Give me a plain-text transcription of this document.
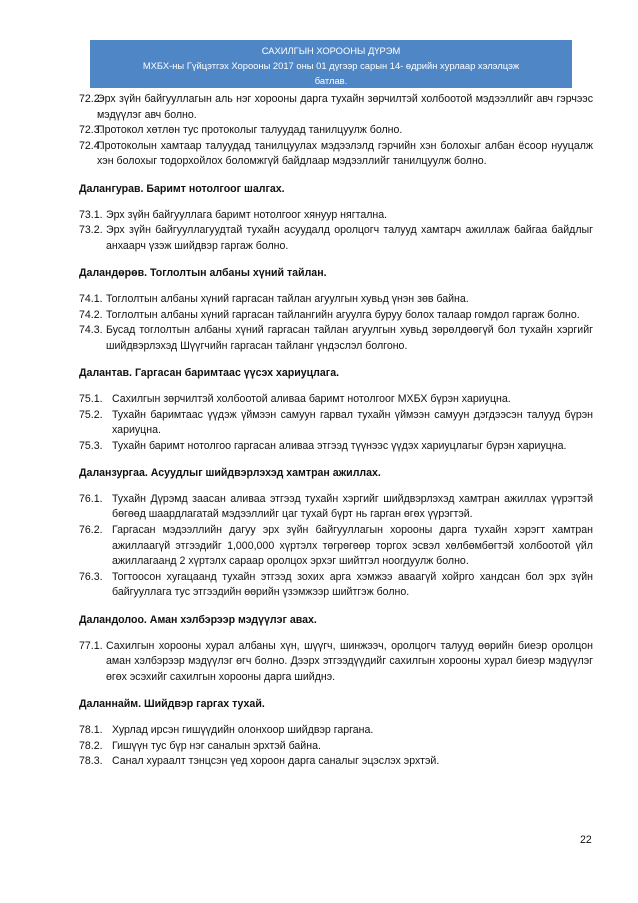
САХИЛГЫН ХОРООНЫ ДҮРЭМ
МХБХ-ны Гүйцэтгэх Хорооны 2017 оны 01 дүгээр сарын 14- өдрийн хурлаар хэлэлцэж
батлав.
72.2.
Эрх зүйн байгууллагын аль нэг хорооны дарга тухайн зөрчилтэй холбоотой мэдээллийг авч гэрчээс мэдүүлэг авч болно.
72.3.
Протокол хөтлөн тус протоколыг талуудад танилцуулж болно.
72.4.
Протоколын хамтаар талуудад танилцуулах мэдээлэлд гэрчийн хэн болохыг албан ёсоор нууцалж хэн болохыг тодорхойлох боломжгүй байдлаар мэдээллийг танилцуулж болно.
Далангурав. Баримт нотолгоог шалгах.
73.1. Эрх зүйн байгууллага баримт нотолгоог хянуур нягтална.
73.2. Эрх зүйн байгууллагуудтай тухайн асуудалд оролцогч талууд хамтарч ажиллаж байгаа байдлыг анхаарч үзэж шийдвэр гаргаж болно.
Даландөрөв. Тоглолтын албаны хүний тайлан.
74.1. Тоглолтын албаны хүний гаргасан тайлан агуулгын хувьд үнэн зөв байна.
74.2. Тоглолтын албаны хүний гаргасан тайлангийн агуулга буруу болох талаар гомдол гаргаж болно.
74.3. Бусад тоглолтын албаны хүний гаргасан тайлан агуулгын хувьд зөрөлдөөгүй бол тухайн хэргийг шийдвэрлэхэд Шүүгчийн гаргасан тайланг үндэслэл болгоно.
Далантав. Гаргасан баримтаас үүсэх хариуцлага.
75.1. Сахилгын зөрчилтэй холбоотой аливаа баримт нотолгоог МХБХ бүрэн хариуцна.
75.2. Тухайн баримтаас үүдэж үймээн самуун гарвал тухайн үймээн самуун дэгдээсэн талууд бүрэн хариуцна.
75.3. Тухайн баримт нотолгоо гаргасан аливаа этгээд түүнээс үүдэх хариуцлагыг бүрэн хариуцна.
Даланзургаа. Асуудлыг шийдвэрлэхэд хамтран ажиллах.
76.1. Тухайн Дүрэмд заасан аливаа этгээд тухайн хэргийг шийдвэрлэхэд хамтран ажиллах үүрэгтэй бөгөөд шаардлагатай мэдээллийг цаг тухай бүрт нь гарган өгөх үүрэгтэй.
76.2. Гаргасан мэдээллийн дагуу эрх зүйн байгууллагын хорооны дарга тухайн хэрэгт хамтран ажиллаагүй этгээдийг 1,000,000 хүртэлх төгрөгөөр торгох эсвэл хөлбөмбөгтэй холбоотой үйл ажиллагаанд 2 хүртэлх сараар оролцох эрхэг шийтгэл ноогдуулж болно.
76.3. Тогтоосон хугацаанд тухайн этгээд зохих арга хэмжээ аваагүй хойрго хандсан бол эрх зүйн байгууллага тус этгээдийн өөрийн үзэмжээр шийтгэж болно.
Даландолоо. Аман хэлбэрээр мэдүүлэг авах.
77.1. Сахилгын хорооны хурал албаны хүн, шүүгч, шинжээч, оролцогч талууд өөрийн биеэр оролцон аман хэлбэрээр мэдүүлэг өгч болно. Дээрх этгээдүүдийг сахилгын хорооны хурал биеэр мэдүүлэг өгөх эсэхийг сахилгын хорооны дарга шийднэ.
Даланнайм. Шийдвэр гаргах тухай.
78.1. Хурлад ирсэн гишүүдийн олонхоор шийдвэр гаргана.
78.2. Гишүүн тус бүр нэг саналын эрхтэй байна.
78.3. Санал хураалт тэнцсэн үед хороон дарга саналыг эцэслэх эрхтэй.
22
